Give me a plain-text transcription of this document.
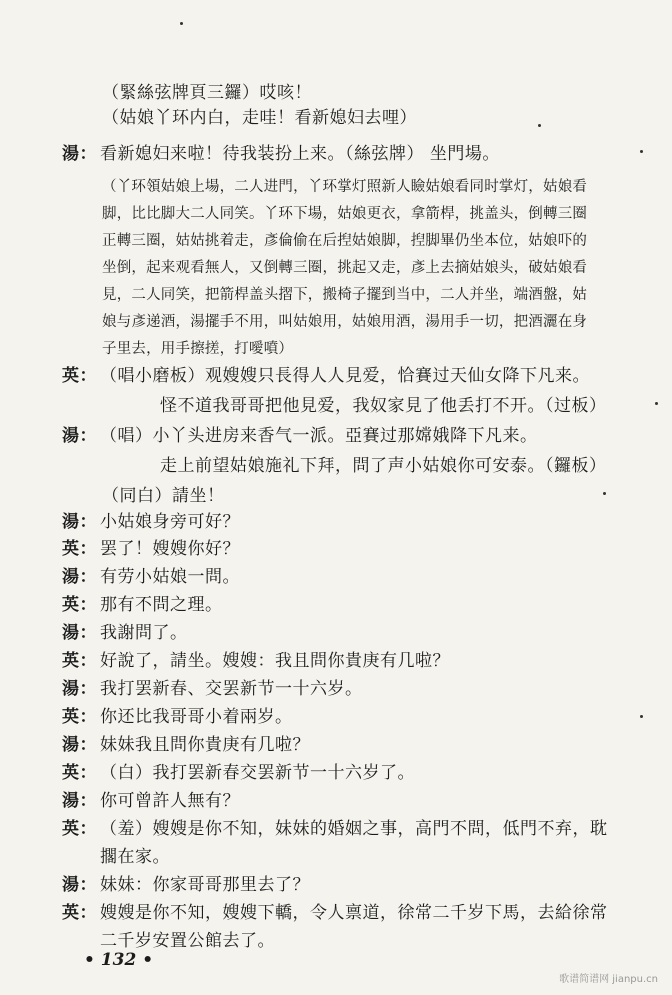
（緊絲弦牌頁三鑼）哎咳！
（姑娘丫环内白，走哇！看新媳妇去哩）
湯： 看新媳妇来啦！待我装扮上来。（絲弦牌） 坐門場。
（丫环領姑娘上場，二人进門，丫环掌灯照新人瞼姑娘看同时掌灯，姑娘看
脚，比比脚大二人同笑。丫环下場，姑娘更衣，拿箭桿，挑盖头，倒轉三圈
正轉三圈，姑姑挑着走，彥倫偷在后揑姑娘脚，揑脚畢仍坐本位，姑娘吓的
坐倒，起来观看無人，又倒轉三圈，挑起又走，彥上去摘姑娘头，破姑娘看
見，二人同笑，把箭桿盖头摺下，搬椅子擺到当中，二人并坐，端酒盤，姑
娘与彥递酒，湯擺手不用，叫姑娘用，姑娘用酒，湯用手一切，把酒灑在身
子里去，用手擦搓，打噯噴）
英： （唱小磨板）观嫂嫂只長得人人見爱，恰賽过天仙女降下凡来。
怪不道我哥哥把他見爱，我奴家見了他丢打不开。（过板）
湯： （唱）小丫头进房来香气一派。亞賽过那嫦娥降下凡来。
走上前望姑娘施礼下拜，問了声小姑娘你可安泰。（鑼板）
（同白）請坐！
湯： 小姑娘身旁可好？
英： 罢了！嫂嫂你好？
湯： 有劳小姑娘一問。
英： 那有不問之理。
湯： 我謝問了。
英： 好說了，請坐。嫂嫂：我且問你貴庚有几啦？
湯： 我打罢新春、交罢新节一十六岁。
英： 你还比我哥哥小着兩岁。
湯： 妹妹我且問你貴庚有几啦？
英： （白）我打罢新春交罢新节一十六岁了。
湯： 你可曾許人無有？
英： （羞）嫂嫂是你不知，妹妹的婚姻之事，高門不問，低門不弃，耽
擱在家。
湯： 妹妹：你家哥哥那里去了？
英： 嫂嫂是你不知，嫂嫂下轎，令人禀道，徐常二千岁下馬，去給徐常
二千岁安置公館去了。
• 132 •
歌谱简谱网 jianpu.cn
